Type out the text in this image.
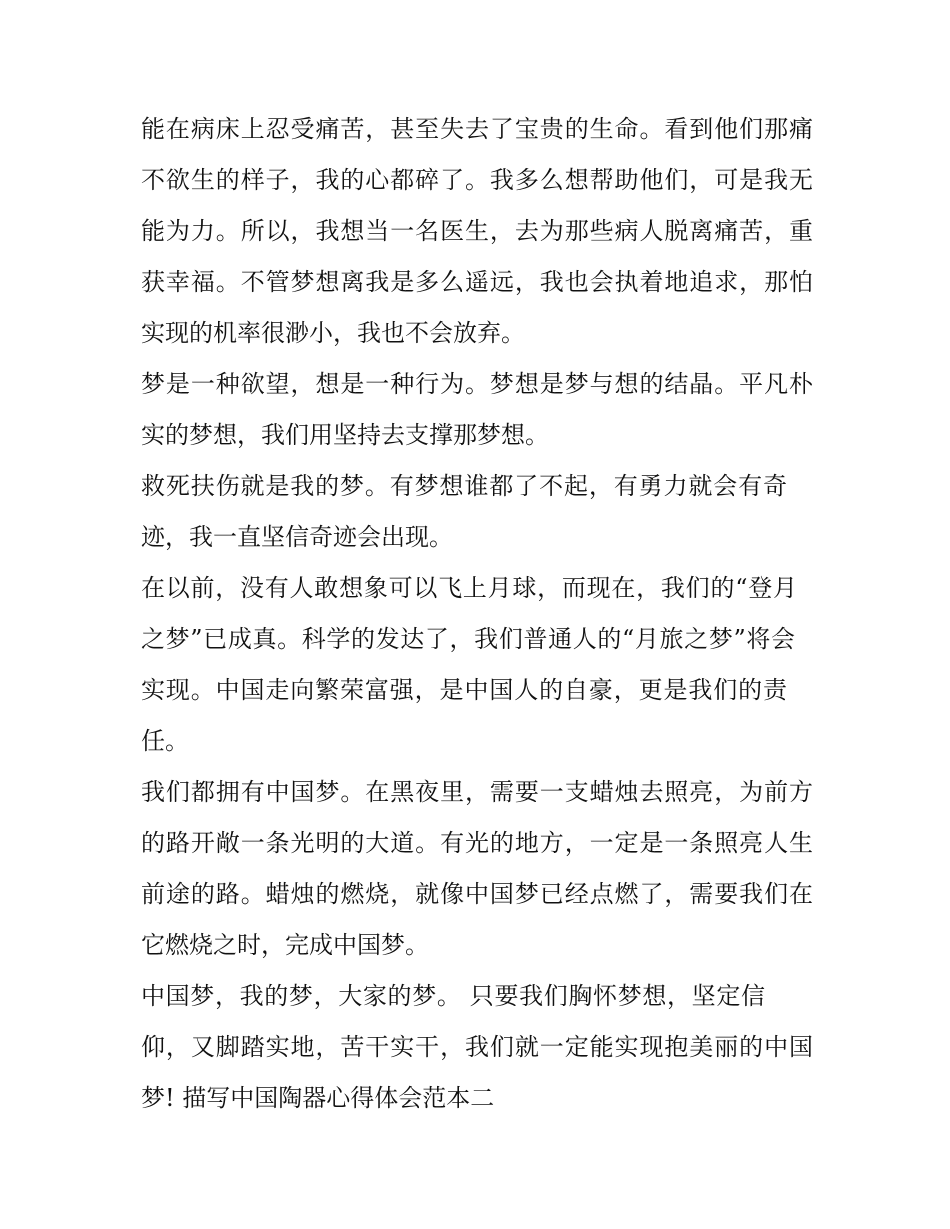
能在病床上忍受痛苦，甚至失去了宝贵的生命。看到他们那痛
不欲生的样子，我的心都碎了。我多么想帮助他们，可是我无
能为力。所以，我想当一名医生，去为那些病人脱离痛苦，重
获幸福。不管梦想离我是多么遥远，我也会执着地追求，那怕
实现的机率很渺小，我也不会放弃。
梦是一种欲望，想是一种行为。梦想是梦与想的结晶。平凡朴
实的梦想，我们用坚持去支撑那梦想。
救死扶伤就是我的梦。有梦想谁都了不起，有勇力就会有奇
迹，我一直坚信奇迹会出现。
在以前，没有人敢想象可以飞上月球，而现在，我们的“登月
之梦”已成真。科学的发达了，我们普通人的“月旅之梦”将会
实现。中国走向繁荣富强，是中国人的自豪，更是我们的责
任。
我们都拥有中国梦。在黑夜里，需要一支蜡烛去照亮，为前方
的路开敞一条光明的大道。有光的地方，一定是一条照亮人生
前途的路。蜡烛的燃烧，就像中国梦已经点燃了，需要我们在
它燃烧之时，完成中国梦。
中国梦，我的梦，大家的梦。 只要我们胸怀梦想，坚定信
仰，又脚踏实地，苦干实干，我们就一定能实现抱美丽的中国
梦! 描写中国陶器心得体会范本二
